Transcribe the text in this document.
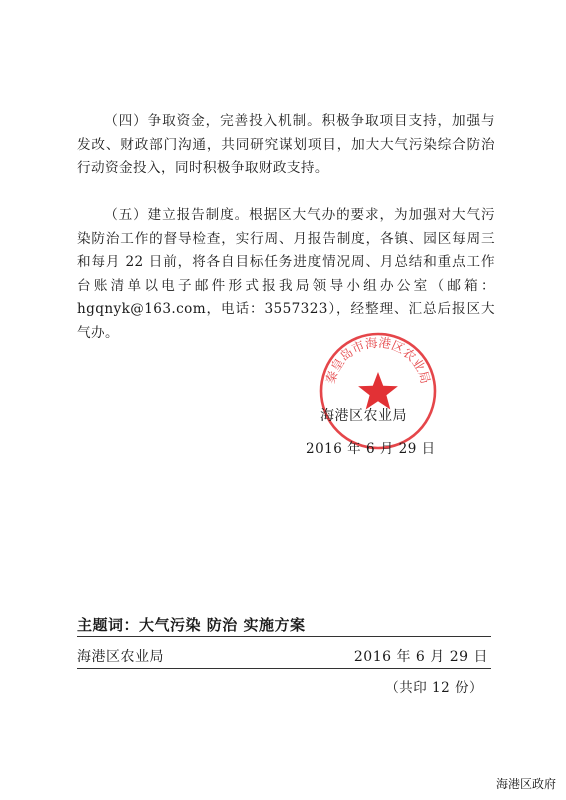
（四）争取资金，完善投入机制。积极争取项目支持，加强与发改、财政部门沟通，共同研究谋划项目，加大大气污染综合防治行动资金投入，同时积极争取财政支持。

（五）建立报告制度。根据区大气办的要求，为加强对大气污染防治工作的督导检查，实行周、月报告制度，各镇、园区每周三和每月 22 日前，将各自目标任务进度情况周、月总结和重点工作台账清单以电子邮件形式报我局领导小组办公室（邮箱：hgqnyk@163.com，电话：3557323），经整理、汇总后报区大气办。

秦皇岛市海港区农业局
海港区农业局
2016 年 6 月 29 日
主题词：大气污染 防治 实施方案
海港区农业局	2016 年 6 月 29 日
（共印 12 份）
海港区政府
